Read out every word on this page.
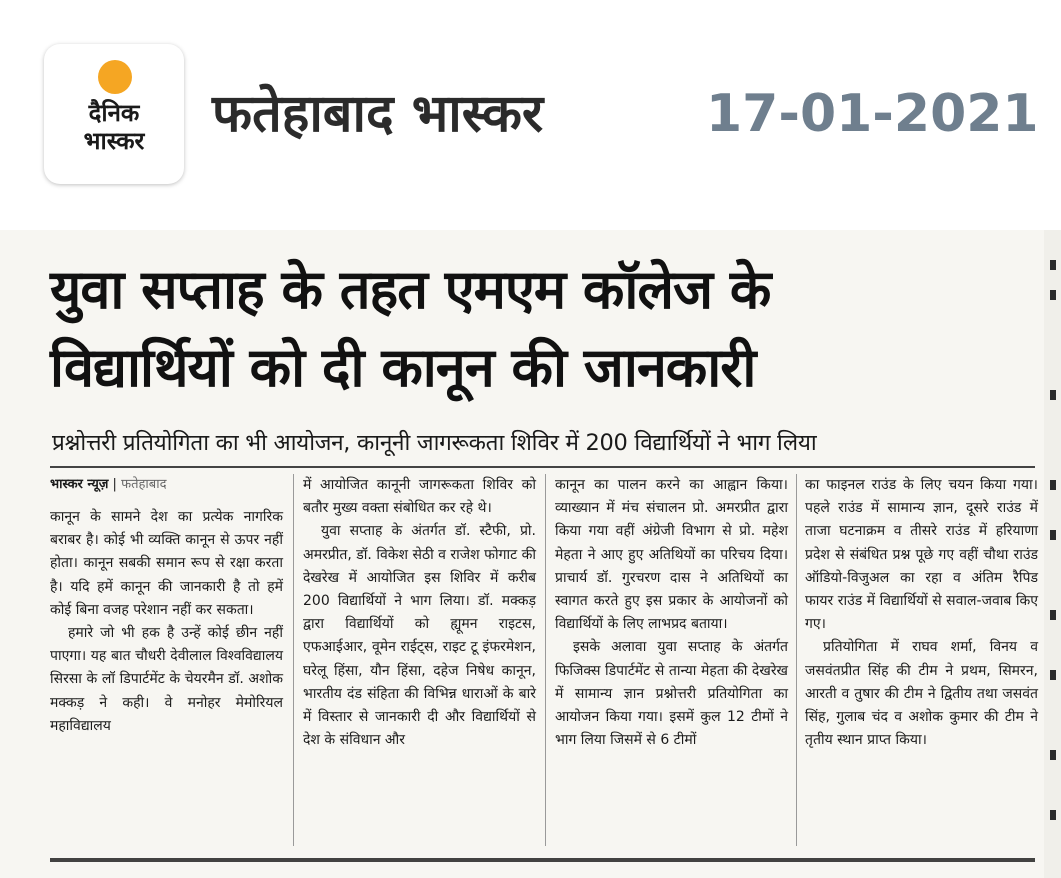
दैनिक
भास्कर	फतेहाबाद भास्कर	17-01-2021
युवा सप्ताह के तहत एमएम कॉलेज के
विद्यार्थियों को दी कानून की जानकारी
प्रश्नोत्तरी प्रतियोगिता का भी आयोजन, कानूनी जागरूकता शिविर में 200 विद्यार्थियों ने भाग लिया
भास्कर न्यूज़ | फतेहाबाद

कानून के सामने देश का प्रत्येक नागरिक बराबर है। कोई भी व्यक्ति कानून से ऊपर नहीं होता। कानून सबकी समान रूप से रक्षा करता है। यदि हमें कानून की जानकारी है तो हमें कोई बिना वजह परेशान नहीं कर सकता।

हमारे जो भी हक है उन्हें कोई छीन नहीं पाएगा। यह बात चौधरी देवीलाल विश्वविद्यालय सिरसा के लॉ डिपार्टमेंट के चेयरमैन डॉ. अशोक मक्कड़ ने कही। वे मनोहर मेमोरियल महाविद्यालय

में आयोजित कानूनी जागरूकता शिविर को बतौर मुख्य वक्ता संबोधित कर रहे थे।

युवा सप्ताह के अंतर्गत डॉ. स्टैफी, प्रो. अमरप्रीत, डॉ. विकेश सेठी व राजेश फोगाट की देखरेख में आयोजित इस शिविर में करीब 200 विद्यार्थियों ने भाग लिया। डॉ. मक्कड़ द्वारा विद्यार्थियों को ह्यूमन राइटस, एफआईआर, वूमेन राईट्स, राइट टू इंफरमेशन, घरेलू हिंसा, यौन हिंसा, दहेज निषेध कानून, भारतीय दंड संहिता की विभिन्न धाराओं के बारे में विस्तार से जानकारी दी और विद्यार्थियों से देश के संविधान और

कानून का पालन करने का आह्वान किया। व्याख्यान में मंच संचालन प्रो. अमरप्रीत द्वारा किया गया वहीं अंग्रेजी विभाग से प्रो. महेश मेहता ने आए हुए अतिथियों का परिचय दिया। प्राचार्य डॉ. गुरचरण दास ने अतिथियों का स्वागत करते हुए इस प्रकार के आयोजनों को विद्यार्थियों के लिए लाभप्रद बताया।

इसके अलावा युवा सप्ताह के अंतर्गत फिजिक्स डिपार्टमेंट से तान्या मेहता की देखरेख में सामान्य ज्ञान प्रश्नोत्तरी प्रतियोगिता का आयोजन किया गया। इसमें कुल 12 टीमों ने भाग लिया जिसमें से 6 टीमों

का फाइनल राउंड के लिए चयन किया गया। पहले राउंड में सामान्य ज्ञान, दूसरे राउंड में ताजा घटनाक्रम व तीसरे राउंड में हरियाणा प्रदेश से संबंधित प्रश्न पूछे गए वहीं चौथा राउंड ऑडियो-विजुअल का रहा व अंतिम रैपिड फायर राउंड में विद्यार्थियों से सवाल-जवाब किए गए।

प्रतियोगिता में राघव शर्मा, विनय व जसवंतप्रीत सिंह की टीम ने प्रथम, सिमरन, आरती व तुषार की टीम ने द्वितीय तथा जसवंत सिंह, गुलाब चंद व अशोक कुमार की टीम ने तृतीय स्थान प्राप्त किया।
